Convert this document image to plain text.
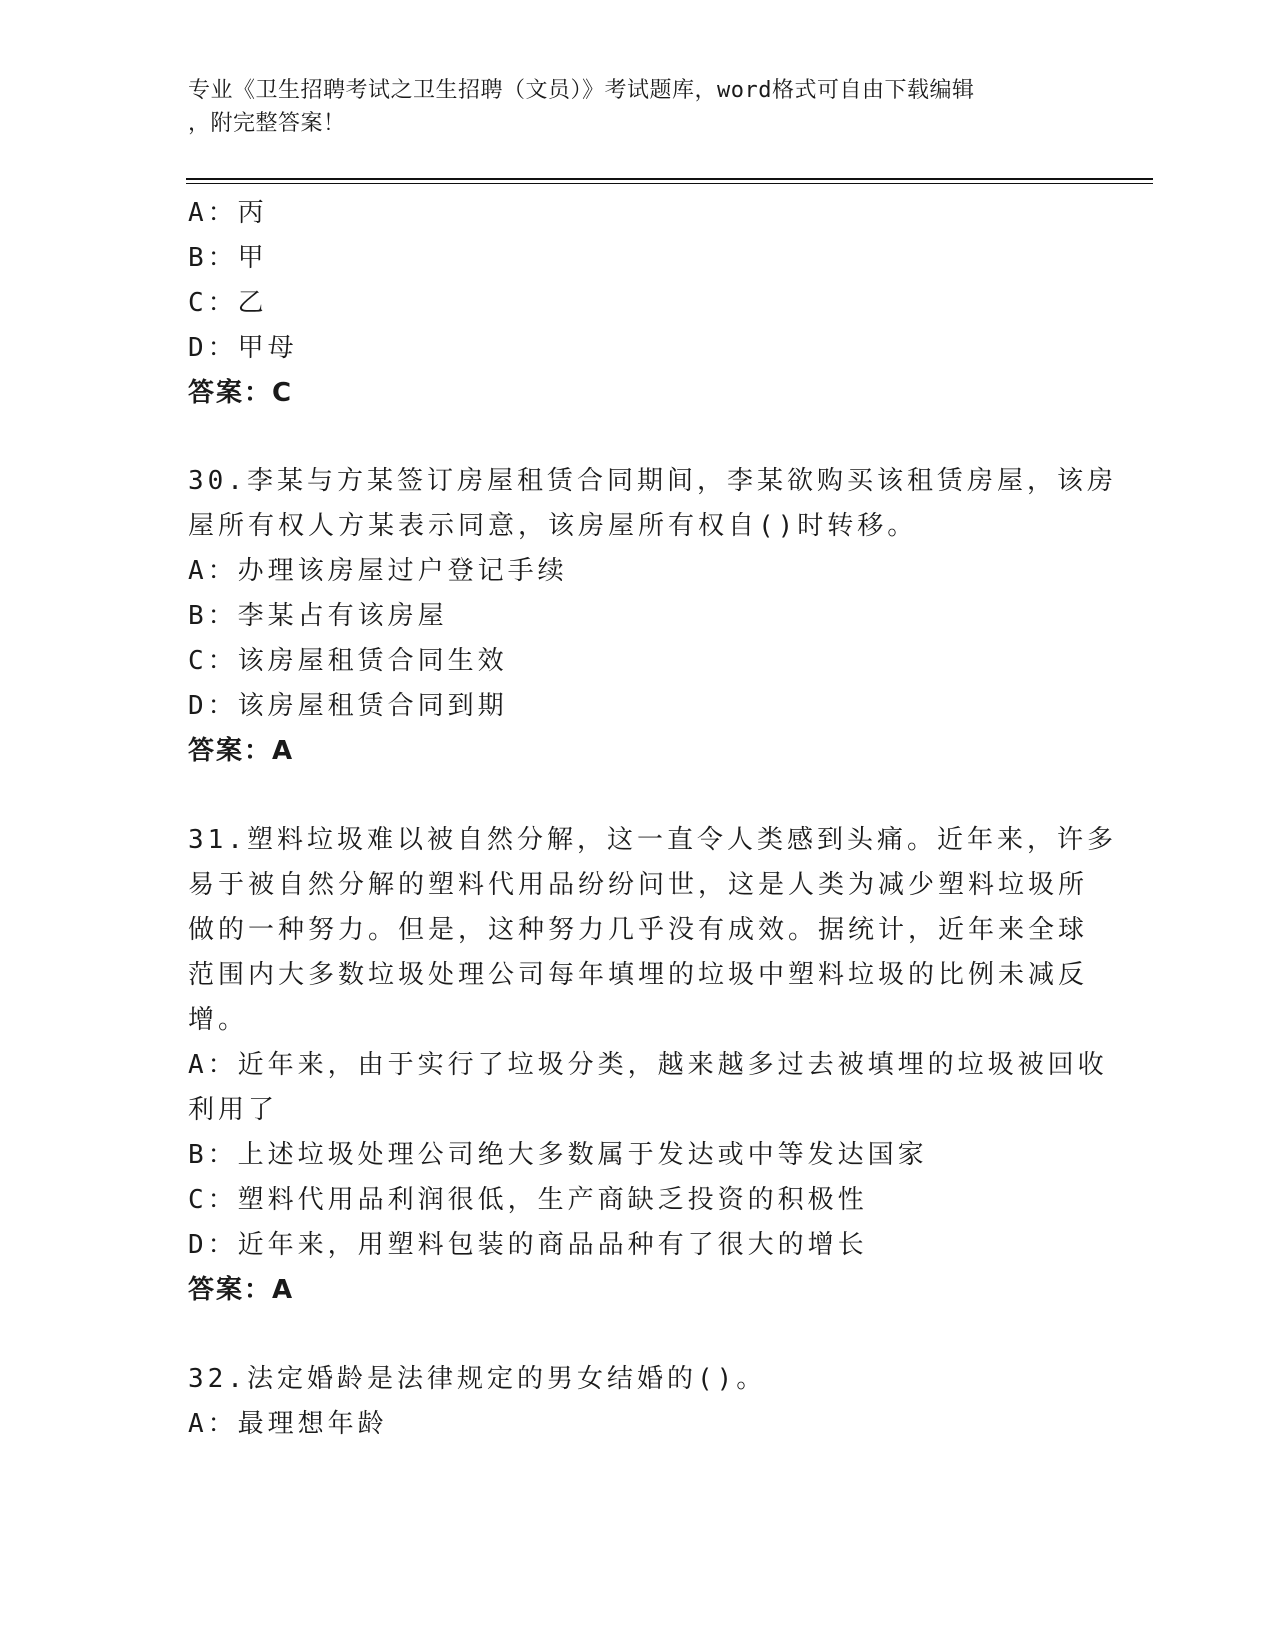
专业《卫生招聘考试之卫生招聘（文员）》考试题库，word格式可自由下载编辑
，附完整答案！
A：丙
B：甲
C：乙
D：甲母
答案：C
30.李某与方某签订房屋租赁合同期间，李某欲购买该租赁房屋，该房
屋所有权人方某表示同意，该房屋所有权自()时转移。
A：办理该房屋过户登记手续
B：李某占有该房屋
C：该房屋租赁合同生效
D：该房屋租赁合同到期
答案：A
31.塑料垃圾难以被自然分解，这一直令人类感到头痛。近年来，许多
易于被自然分解的塑料代用品纷纷问世，这是人类为减少塑料垃圾所
做的一种努力。但是，这种努力几乎没有成效。据统计，近年来全球
范围内大多数垃圾处理公司每年填埋的垃圾中塑料垃圾的比例未减反
增。
A：近年来，由于实行了垃圾分类，越来越多过去被填埋的垃圾被回收
利用了
B：上述垃圾处理公司绝大多数属于发达或中等发达国家
C：塑料代用品利润很低，生产商缺乏投资的积极性
D：近年来，用塑料包装的商品品种有了很大的增长
答案：A
32.法定婚龄是法律规定的男女结婚的()。
A：最理想年龄
